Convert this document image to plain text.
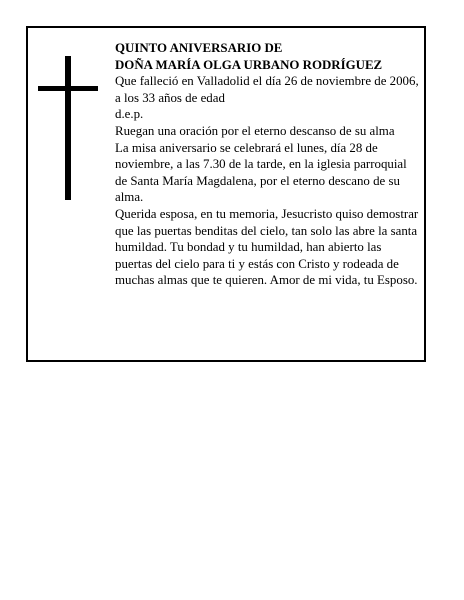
QUINTO ANIVERSARIO DE

DOÑA MARÍA OLGA URBANO RODRÍGUEZ

Que falleció en Valladolid el día 26 de noviembre de 2006, a los 33 años de edad

d.e.p.

Ruegan una oración por el eterno descanso de su alma

La misa aniversario se celebrará el lunes, día 28 de noviembre, a las 7.30 de la tarde, en la iglesia parroquial de Santa María Magdalena, por el eterno descano de su alma.

Querida esposa, en tu memoria, Jesucristo quiso demostrar que las puertas benditas del cielo, tan solo las abre la santa humildad. Tu bondad y tu humildad, han abierto las puertas del cielo para ti y estás con Cristo y rodeada de muchas almas que te quieren. Amor de mi vida, tu Esposo.
